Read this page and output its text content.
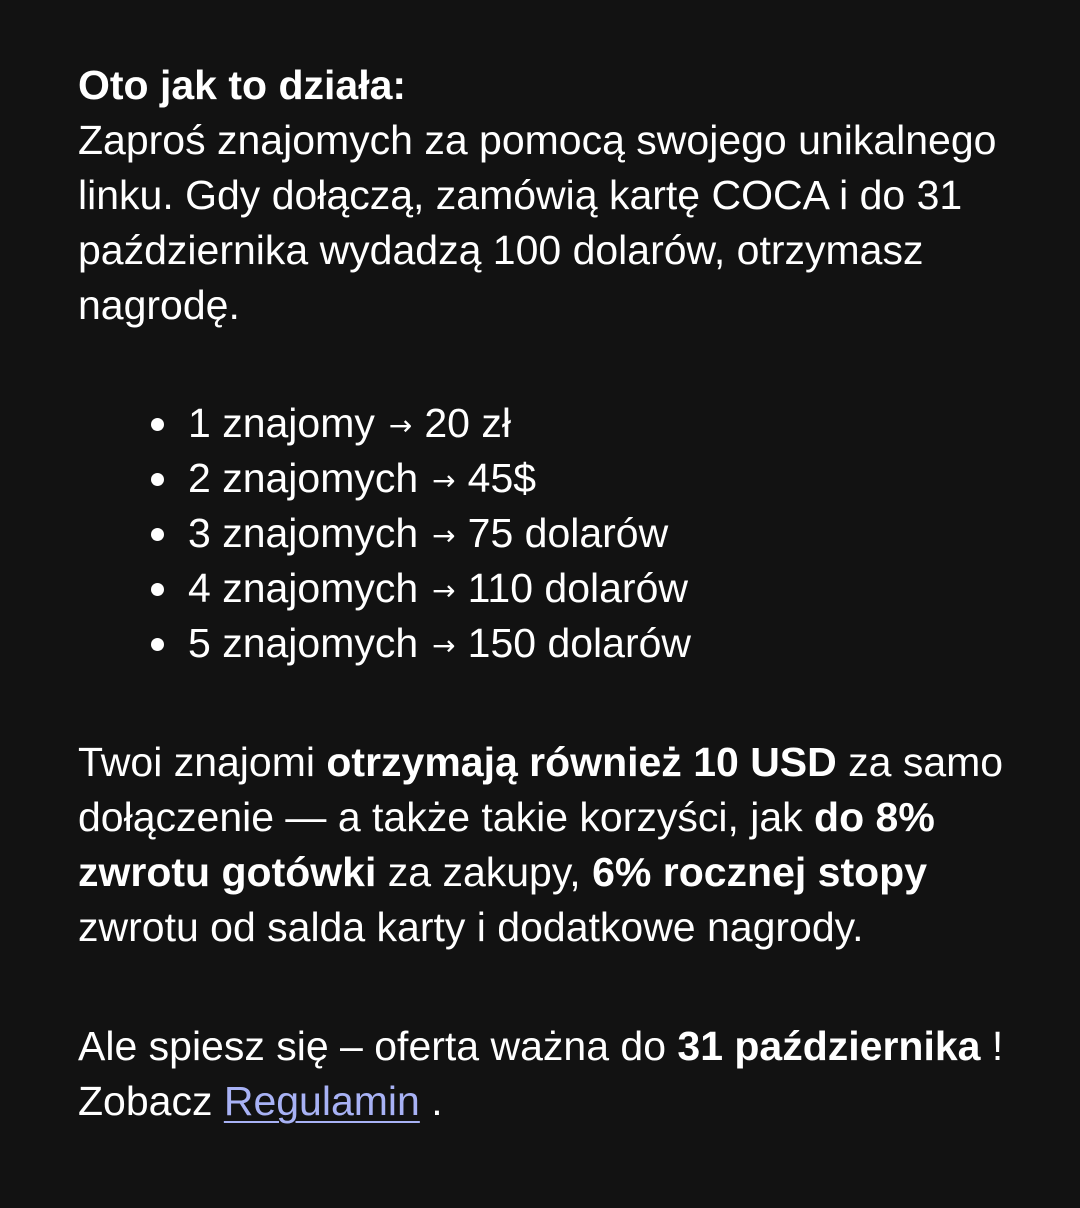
Oto jak to działa:
Zaproś znajomych za pomocą swojego unikalnego linku. Gdy dołączą, zamówią kartę COCA i do 31 października wydadzą 100 dolarów, otrzymasz nagrodę.

1 znajomy → 20 zł
2 znajomych → 45$
3 znajomych → 75 dolarów
4 znajomych → 110 dolarów
5 znajomych → 150 dolarów

Twoi znajomi otrzymają również 10 USD za samo dołączenie — a także takie korzyści, jak do 8% zwrotu gotówki za zakupy, 6% rocznej stopy zwrotu od salda karty i dodatkowe nagrody.

Ale spiesz się – oferta ważna do 31 października ! Zobacz Regulamin .
